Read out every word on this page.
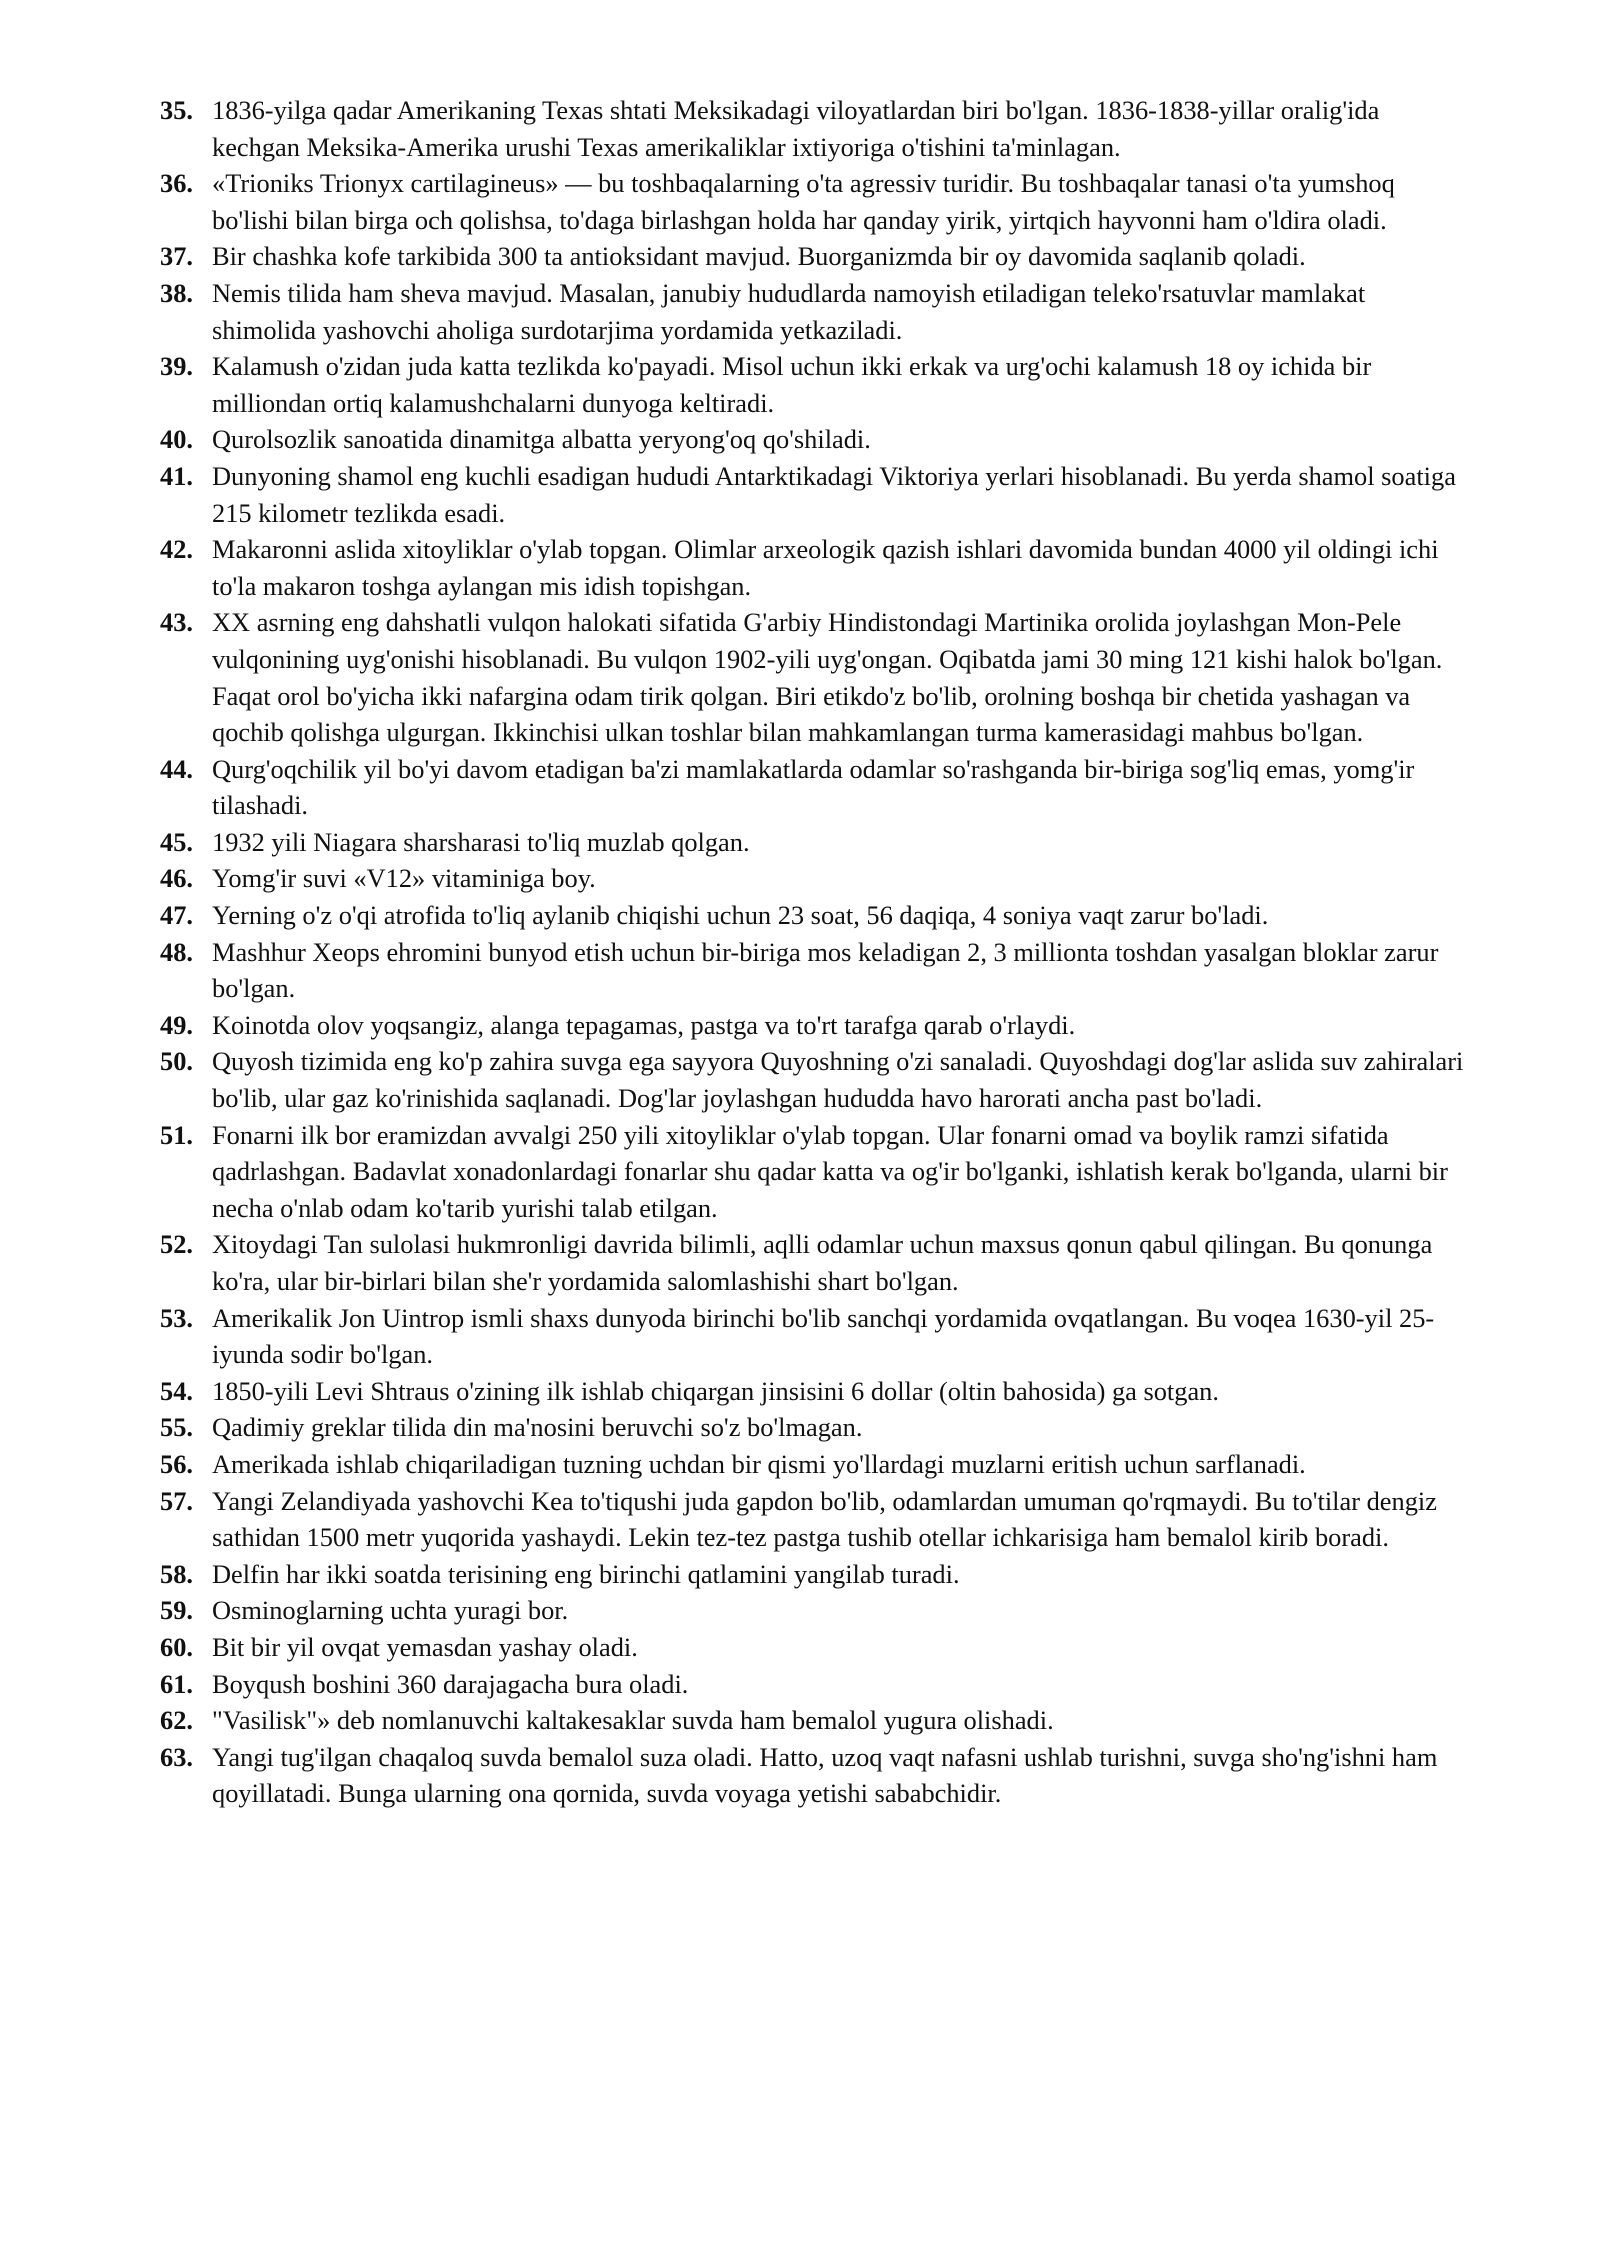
35. 1836-yilga qadar Amerikaning Texas shtati Meksikadagi viloyatlardan biri bo'lgan. 1836-1838-yillar oralig'ida kechgan Meksika-Amerika urushi Texas amerikaliklar ixtiyoriga o'tishini ta'minlagan.
36. «Trioniks Trionyx cartilagineus» — bu toshbaqalarning o'ta agressiv turidir. Bu toshbaqalar tanasi o'ta yumshoq bo'lishi bilan birga och qolishsa, to'daga birlashgan holda har qanday yirik, yirtqich hayvonni ham o'ldira oladi.
37. Bir chashka kofe tarkibida 300 ta antioksidant mavjud. Buorganizmda bir oy davomida saqlanib qoladi.
38. Nemis tilida ham sheva mavjud. Masalan, janubiy hududlarda namoyish etiladigan teleko'rsatuvlar mamlakat shimolida yashovchi aholiga surdotarjima yordamida yetkaziladi.
39. Kalamush o'zidan juda katta tezlikda ko'payadi. Misol uchun ikki erkak va urg'ochi kalamush 18 oy ichida bir milliondan ortiq kalamushchalarni dunyoga keltiradi.
40. Qurolsozlik sanoatida dinamitga albatta yeryong'oq qo'shiladi.
41. Dunyoning shamol eng kuchli esadigan hududi Antarktikadagi Viktoriya yerlari hisoblanadi. Bu yerda shamol soatiga 215 kilometr tezlikda esadi.
42. Makaronni aslida xitoyliklar o'ylab topgan. Olimlar arxeologik qazish ishlari davomida bundan 4000 yil oldingi ichi to'la makaron toshga aylangan mis idish topishgan.
43. XX asrning eng dahshatli vulqon halokati sifatida G'arbiy Hindistondagi Martinika orolida joylashgan Mon-Pele vulqonining uyg'onishi hisoblanadi. Bu vulqon 1902-yili uyg'ongan. Oqibatda jami 30 ming 121 kishi halok bo'lgan. Faqat orol bo'yicha ikki nafargina odam tirik qolgan. Biri etikdo'z bo'lib, orolning boshqa bir chetida yashagan va qochib qolishga ulgurgan. Ikkinchisi ulkan toshlar bilan mahkamlangan turma kamerasidagi mahbus bo'lgan.
44. Qurg'oqchilik yil bo'yi davom etadigan ba'zi mamlakatlarda odamlar so'rashganda bir-biriga sog'liq emas, yomg'ir tilashadi.
45. 1932 yili Niagara sharsharasi to'liq muzlab qolgan.
46. Yomg'ir suvi «V12» vitaminiga boy.
47. Yerning o'z o'qi atrofida to'liq aylanib chiqishi uchun 23 soat, 56 daqiqa, 4 soniya vaqt zarur bo'ladi.
48. Mashhur Xeops ehromini bunyod etish uchun bir-biriga mos keladigan 2, 3 millionta toshdan yasalgan bloklar zarur bo'lgan.
49. Koinotda olov yoqsangiz, alanga tepagamas, pastga va to'rt tarafga qarab o'rlaydi.
50. Quyosh tizimida eng ko'p zahira suvga ega sayyora Quyoshning o'zi sanaladi. Quyoshdagi dog'lar aslida suv zahiralari bo'lib, ular gaz ko'rinishida saqlanadi. Dog'lar joylashgan hududda havo harorati ancha past bo'ladi.
51. Fonarni ilk bor eramizdan avvalgi 250 yili xitoyliklar o'ylab topgan. Ular fonarni omad va boylik ramzi sifatida qadrlashgan. Badavlat xonadonlardagi fonarlar shu qadar katta va og'ir bo'lganki, ishlatish kerak bo'lganda, ularni bir necha o'nlab odam ko'tarib yurishi talab etilgan.
52. Xitoydagi Tan sulolasi hukmronligi davrida bilimli, aqlli odamlar uchun maxsus qonun qabul qilingan. Bu qonunga ko'ra, ular bir-birlari bilan she'r yordamida salomlashishi shart bo'lgan.
53. Amerikalik Jon Uintrop ismli shaxs dunyoda birinchi bo'lib sanchqi yordamida ovqatlangan. Bu voqea 1630-yil 25-iyunda sodir bo'lgan.
54. 1850-yili Levi Shtraus o'zining ilk ishlab chiqargan jinsisini 6 dollar (oltin bahosida) ga sotgan.
55. Qadimiy greklar tilida din ma'nosini beruvchi so'z bo'lmagan.
56. Amerikada ishlab chiqariladigan tuzning uchdan bir qismi yo'llardagi muzlarni eritish uchun sarflanadi.
57. Yangi Zelandiyada yashovchi Kea to'tiqushi juda gapdon bo'lib, odamlardan umuman qo'rqmaydi. Bu to'tilar dengiz sathidan 1500 metr yuqorida yashaydi. Lekin tez-tez pastga tushib otellar ichkarisiga ham bemalol kirib boradi.
58. Delfin har ikki soatda terisining eng birinchi qatlamini yangilab turadi.
59. Osminoglarning uchta yuragi bor.
60. Bit bir yil ovqat yemasdan yashay oladi.
61. Boyqush boshini 360 darajagacha bura oladi.
62. "Vasilisk"» deb nomlanuvchi kaltakesaklar suvda ham bemalol yugura olishadi.
63. Yangi tug'ilgan chaqaloq suvda bemalol suza oladi. Hatto, uzoq vaqt nafasni ushlab turishni, suvga sho'ng'ishni ham qoyillatadi. Bunga ularning ona qornida, suvda voyaga yetishi sababchidir.
